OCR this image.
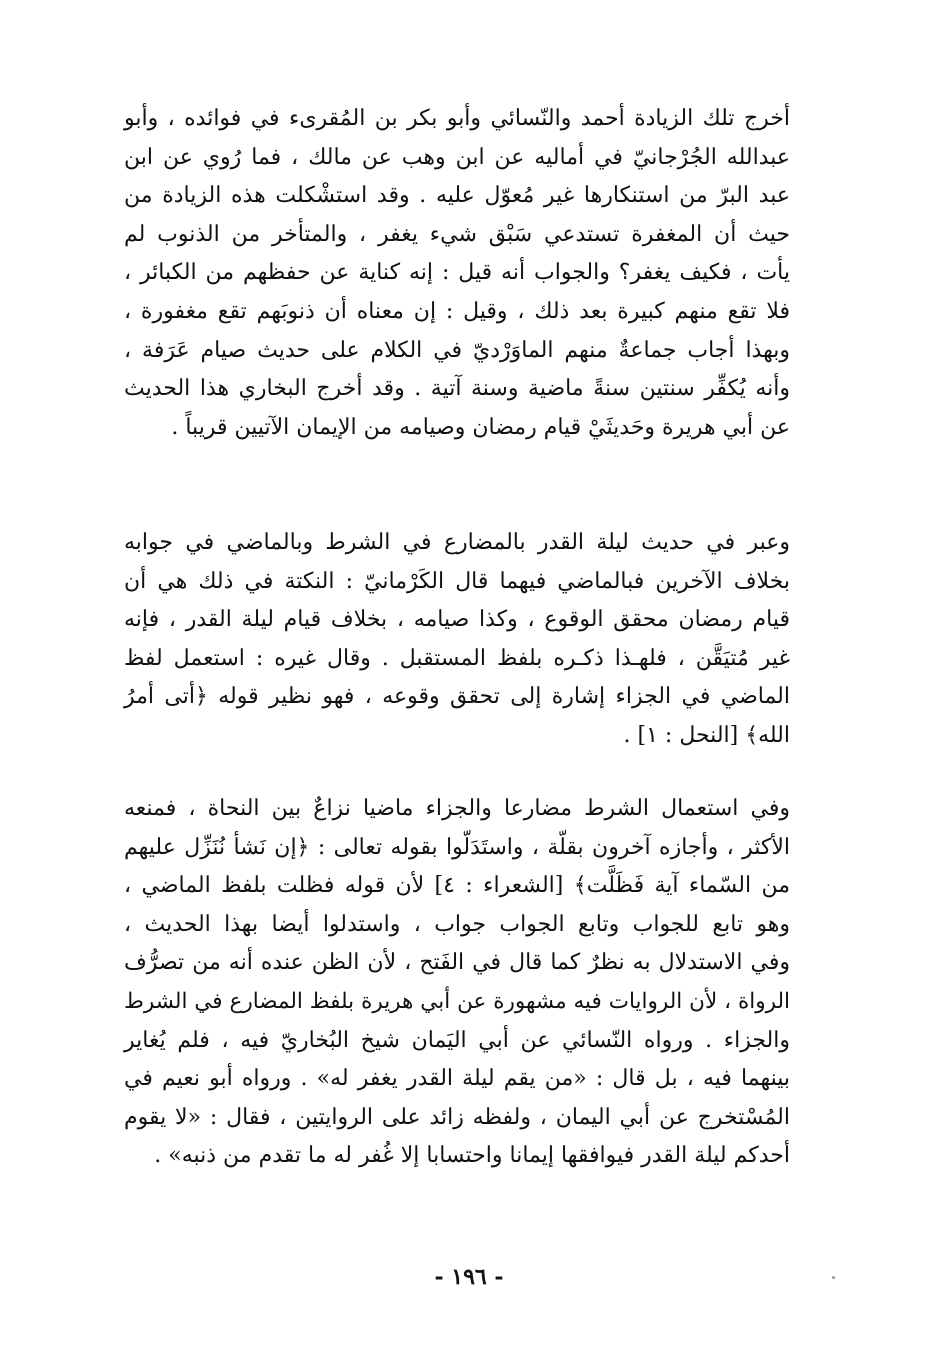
أخرج تلك الزيادة أحمد والنّسائي وأبو بكر بن المُقرىء في فوائده ، وأبو
عبدالله الجُرْجانيّ في أماليه عن ابن وهب عن مالك ، فما رُوي عن ابن
عبد البرّ من استنكارها غير مُعوّل عليه . وقد استشْكلت هذه الزيادة من
حيث أن المغفرة تستدعي سَبْق شيء يغفر ، والمتأخر من الذنوب لم
يأت ، فكيف يغفر؟ والجواب أنه قيل : إنه كناية عن حفظهم من الكبائر ،
فلا تقع منهم كبيرة بعد ذلك ، وقيل : إن معناه أن ذنوبَهم تقع مغفورة ،
وبهذا أجاب جماعةٌ منهم الماوَرْديّ في الكلام على حديث صيام عَرَفة ،
وأنه يُكفِّر سنتين سنةً ماضية وسنة آتية . وقد أخرج البخاري هذا الحديث
عن أبي هريرة وحَديثَيْ قيام رمضان وصيامه من الإيمان الآتيين قريباً .
وعبر في حديث ليلة القدر بالمضارع في الشرط وبالماضي في جوابه
بخلاف الآخرين فبالماضي فيهما قال الكَرْمانيّ : النكتة في ذلك هي أن
قيام رمضان محقق الوقوع ، وكذا صيامه ، بخلاف قيام ليلة القدر ، فإنه
غير مُتيَقَّن ، فلهـذا ذكـره بلفظ المستقبل . وقال غيره : استعمل لفظ
الماضي في الجزاء إشارة إلى تحقق وقوعه ، فهو نظير قوله ﴿أتى أمرُ
الله﴾ [النحل : ١] .
وفي استعمال الشرط مضارعا والجزاء ماضيا نزاعٌ بين النحاة ، فمنعه
الأكثر ، وأجازه آخرون بقلّة ، واستَدَلّوا بقوله تعالى : ﴿إن نَشأ نُنَزِّل عليهم
من السّماء آية فَظَلَّت﴾ [الشعراء : ٤] لأن قوله فظلت بلفظ الماضي ،
وهو تابع للجواب وتابع الجواب جواب ، واستدلوا أيضا بهذا الحديث ،
وفي الاستدلال به نظرٌ كما قال في الفَتح ، لأن الظن عنده أنه من تصرُّف
الرواة ، لأن الروايات فيه مشهورة عن أبي هريرة بلفظ المضارع في الشرط
والجزاء . ورواه النّسائي عن أبي اليَمان شيخ البُخاريّ فيه ، فلم يُغاير
بينهما فيه ، بل قال : «من يقم ليلة القدر يغفر له» . ورواه أبو نعيم في
المُسْتخرج عن أبي اليمان ، ولفظه زائد على الروايتين ، فقال : «لا يقوم
أحدكم ليلة القدر فيوافقها إيمانا واحتسابا إلا غُفر له ما تقدم من ذنبه» .
- ١٩٦ -
